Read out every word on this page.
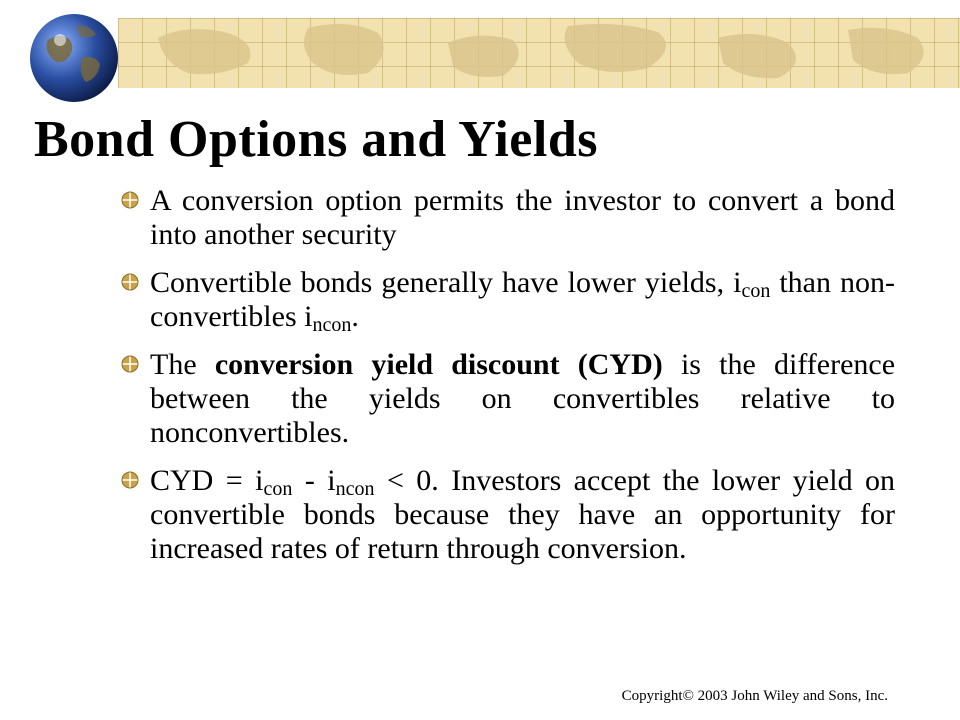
Bond Options and Yields
A conversion option permits the investor to convert a bond into another security
Convertible bonds generally have lower yields, $i_{con}$ than non-convertibles $i_{ncon}$.
The conversion yield discount (CYD) is the difference between the yields on convertibles relative to nonconvertibles.
CYD = $i_{con} - i_{ncon} < 0$. Investors accept the lower yield on convertible bonds because they have an opportunity for increased rates of return through conversion.
Copyright© 2003 John Wiley and Sons, Inc.
